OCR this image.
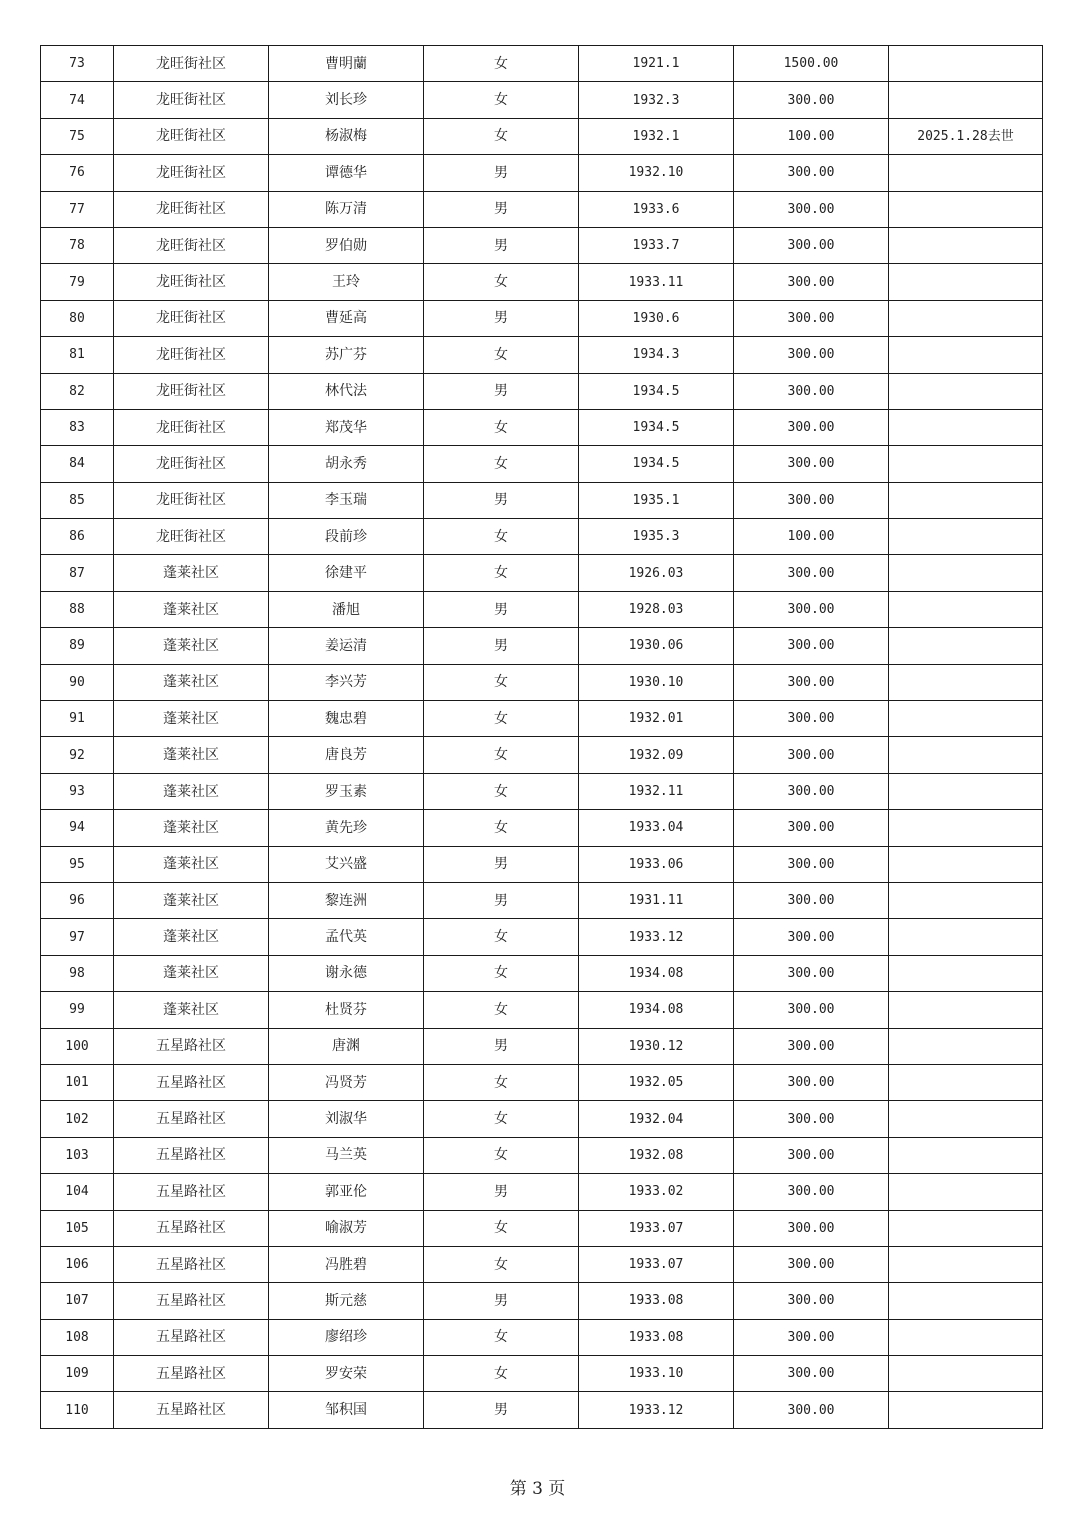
73	龙旺街社区	曹明蘭	女	1921.1	1500.00	
74	龙旺街社区	刘长珍	女	1932.3	300.00	
75	龙旺街社区	杨淑梅	女	1932.1	100.00	2025.1.28去世
76	龙旺街社区	谭德华	男	1932.10	300.00	
77	龙旺街社区	陈万清	男	1933.6	300.00	
78	龙旺街社区	罗伯勋	男	1933.7	300.00	
79	龙旺街社区	王玲	女	1933.11	300.00	
80	龙旺街社区	曹延高	男	1930.6	300.00	
81	龙旺街社区	苏广芬	女	1934.3	300.00	
82	龙旺街社区	林代法	男	1934.5	300.00	
83	龙旺街社区	郑茂华	女	1934.5	300.00	
84	龙旺街社区	胡永秀	女	1934.5	300.00	
85	龙旺街社区	李玉瑞	男	1935.1	300.00	
86	龙旺街社区	段前珍	女	1935.3	100.00	
87	蓬莱社区	徐建平	女	1926.03	300.00	
88	蓬莱社区	潘旭	男	1928.03	300.00	
89	蓬莱社区	姜运清	男	1930.06	300.00	
90	蓬莱社区	李兴芳	女	1930.10	300.00	
91	蓬莱社区	魏忠碧	女	1932.01	300.00	
92	蓬莱社区	唐良芳	女	1932.09	300.00	
93	蓬莱社区	罗玉素	女	1932.11	300.00	
94	蓬莱社区	黄先珍	女	1933.04	300.00	
95	蓬莱社区	艾兴盛	男	1933.06	300.00	
96	蓬莱社区	黎连洲	男	1931.11	300.00	
97	蓬莱社区	孟代英	女	1933.12	300.00	
98	蓬莱社区	谢永德	女	1934.08	300.00	
99	蓬莱社区	杜贤芬	女	1934.08	300.00	
100	五星路社区	唐渊	男	1930.12	300.00	
101	五星路社区	冯贤芳	女	1932.05	300.00	
102	五星路社区	刘淑华	女	1932.04	300.00	
103	五星路社区	马兰英	女	1932.08	300.00	
104	五星路社区	郭亚伦	男	1933.02	300.00	
105	五星路社区	喻淑芳	女	1933.07	300.00	
106	五星路社区	冯胜碧	女	1933.07	300.00	
107	五星路社区	斯元慈	男	1933.08	300.00	
108	五星路社区	廖绍珍	女	1933.08	300.00	
109	五星路社区	罗安荣	女	1933.10	300.00	
110	五星路社区	邹积国	男	1933.12	300.00	
第 3 页
